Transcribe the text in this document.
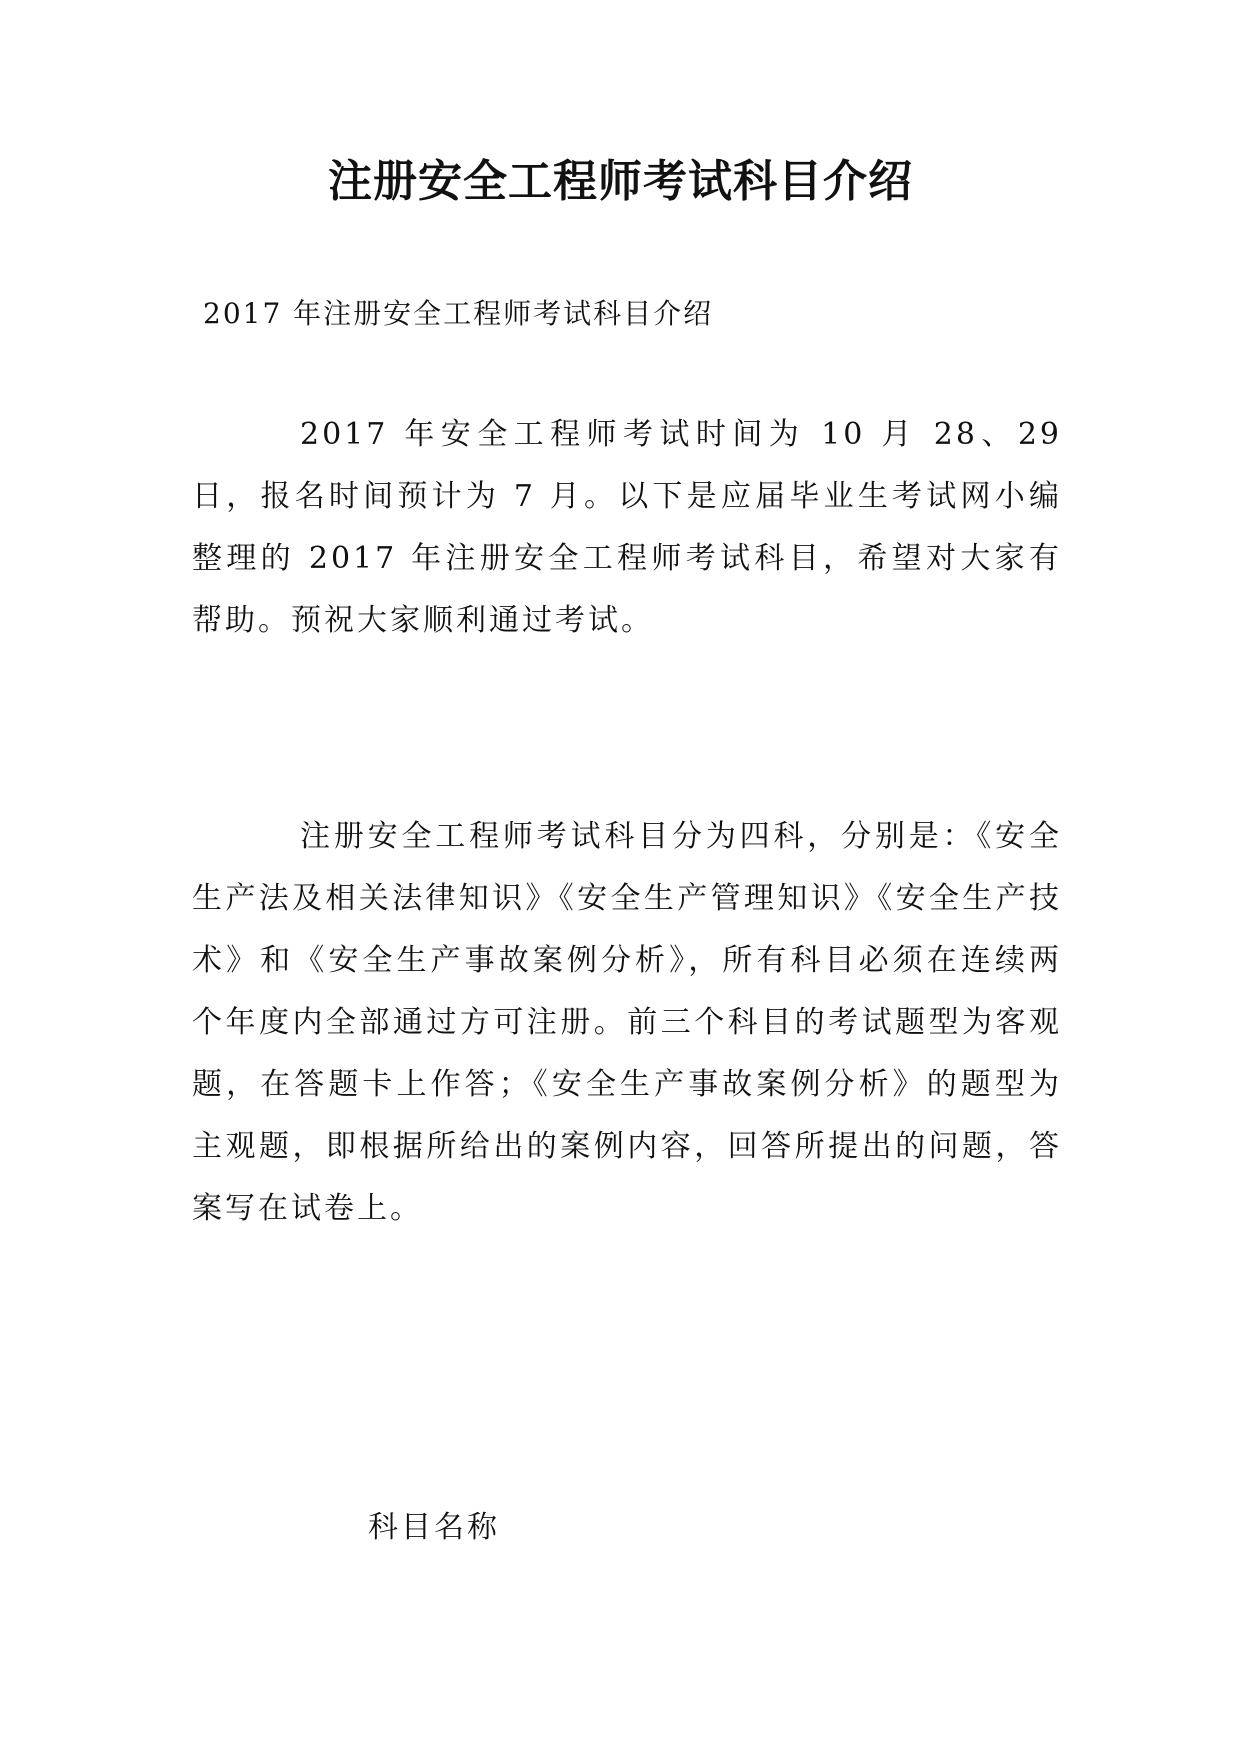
注册安全工程师考试科目介绍
2017 年注册安全工程师考试科目介绍

2017 年安全工程师考试时间为 10 月 28、29 日，报名时间预计为 7 月。以下是应届毕业生考试网小编整理的 2017 年注册安全工程师考试科目，希望对大家有帮助。预祝大家顺利通过考试。

注册安全工程师考试科目分为四科，分别是：《安全生产法及相关法律知识》《安全生产管理知识》《安全生产技术》和《安全生产事故案例分析》，所有科目必须在连续两个年度内全部通过方可注册。前三个科目的考试题型为客观题，在答题卡上作答；《安全生产事故案例分析》的题型为主观题，即根据所给出的案例内容，回答所提出的问题，答案写在试卷上。

科目名称
